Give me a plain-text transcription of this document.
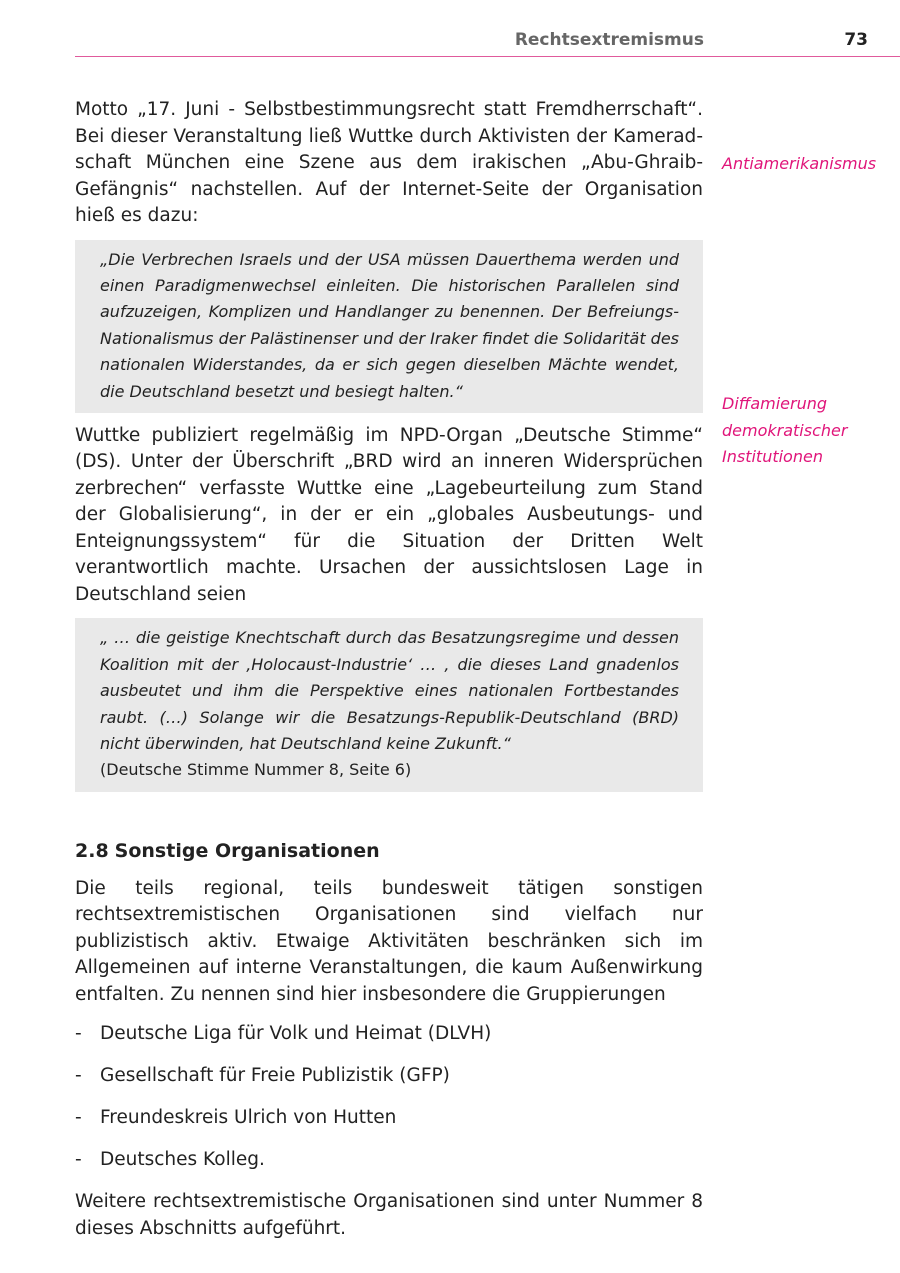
Rechtsextremismus	73

Motto „17. Juni - Selbstbestimmungsrecht statt Fremdherrschaft“. Bei dieser Veranstaltung ließ Wuttke durch Aktivisten der Kameradschaft München eine Szene aus dem irakischen „Abu-Ghraib-Gefängnis“ nachstellen. Auf der Internet-Seite der Organisation hieß es dazu:

„Die Verbrechen Israels und der USA müssen Dauerthema werden und einen Paradigmenwechsel einleiten. Die historischen Parallelen sind aufzuzeigen, Komplizen und Handlanger zu benennen. Der Befreiungs-Nationalismus der Palästinenser und der Iraker findet die Solidarität des nationalen Widerstandes, da er sich gegen dieselben Mächte wendet, die Deutschland besetzt und besiegt halten.“

Wuttke publiziert regelmäßig im NPD-Organ „Deutsche Stimme“ (DS). Unter der Überschrift „BRD wird an inneren Widersprüchen zerbrechen“ verfasste Wuttke eine „Lagebeurteilung zum Stand der Globalisierung“, in der er ein „globales Ausbeutungs- und Enteignungssystem“ für die Situation der Dritten Welt verantwortlich machte. Ursachen der aussichtslosen Lage in Deutschland seien

„ … die geistige Knechtschaft durch das Besatzungsregime und dessen Koalition mit der ‚Holocaust-Industrie‘ … , die dieses Land gnadenlos ausbeutet und ihm die Perspektive eines nationalen Fortbestandes raubt. (…) Solange wir die Besatzungs-Republik-Deutschland (BRD) nicht überwinden, hat Deutschland keine Zukunft.“
(Deutsche Stimme Nummer 8, Seite 6)
2.8 Sonstige Organisationen

Die teils regional, teils bundesweit tätigen sonstigen rechtsextremistischen Organisationen sind vielfach nur publizistisch aktiv. Etwaige Aktivitäten beschränken sich im Allgemeinen auf interne Veranstaltungen, die kaum Außenwirkung entfalten. Zu nennen sind hier insbesondere die Gruppierungen

- Deutsche Liga für Volk und Heimat (DLVH)
- Gesellschaft für Freie Publizistik (GFP)
- Freundeskreis Ulrich von Hutten
- Deutsches Kolleg.

Weitere rechtsextremistische Organisationen sind unter Nummer 8 dieses Abschnitts aufgeführt.

Antiamerikanismus
Diffamierung
demokratischer
Institutionen
